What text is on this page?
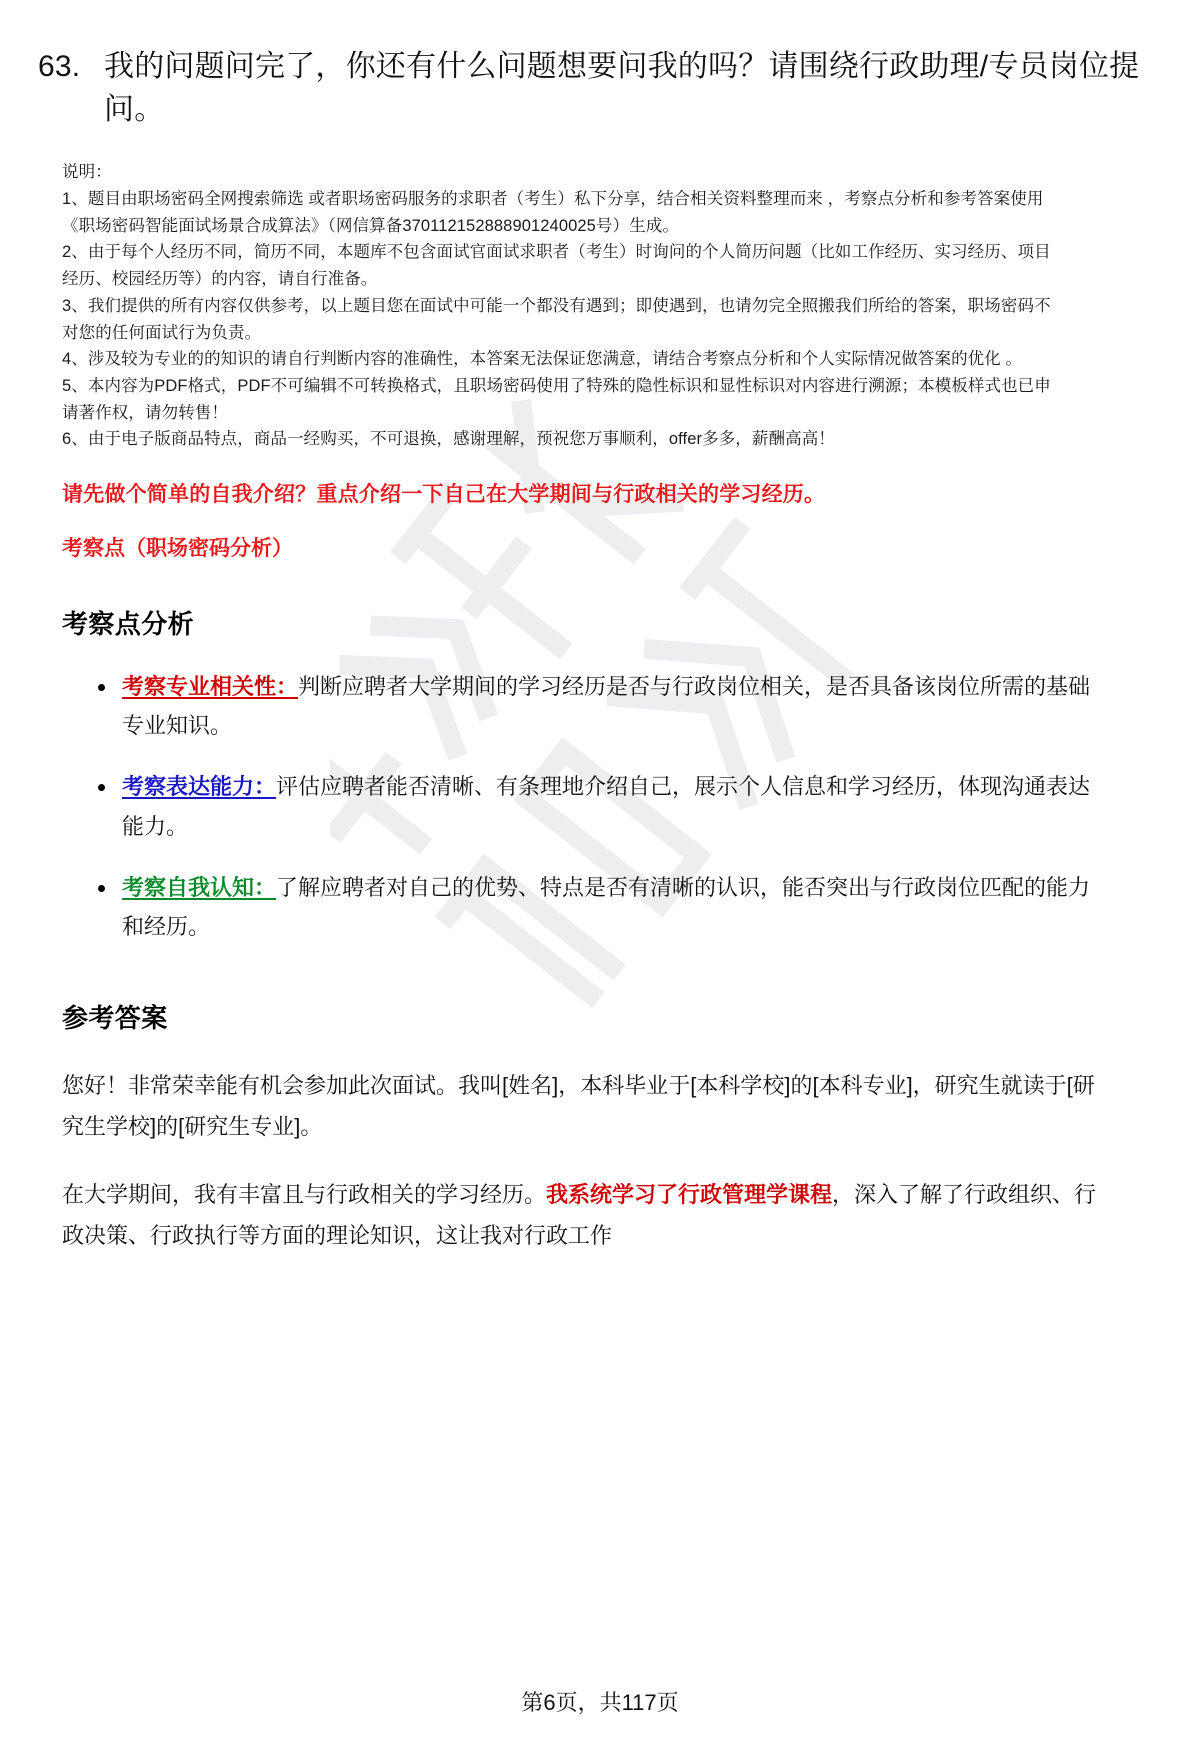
63. 我的问题问完了，你还有什么问题想要问我的吗？请围绕行政助理/专员岗位提问。

说明：

1、题目由职场密码全网搜索筛选 或者职场密码服务的求职者（考生）私下分享，结合相关资料整理而来 ，考察点分析和参考答案使用《职场密码智能面试场景合成算法》（网信算备370112152888901240025号）生成。

2、由于每个人经历不同，简历不同，本题库不包含面试官面试求职者（考生）时询问的个人简历问题（比如工作经历、实习经历、项目经历、校园经历等）的内容，请自行准备。

3、我们提供的所有内容仅供参考，以上题目您在面试中可能一个都没有遇到；即使遇到，也请勿完全照搬我们所给的答案，职场密码不对您的任何面试行为负责。

4、涉及较为专业的的知识的请自行判断内容的准确性，本答案无法保证您满意，请结合考察点分析和个人实际情况做答案的优化 。

5、本内容为PDF格式，PDF不可编辑不可转换格式，且职场密码使用了特殊的隐性标识和显性标识对内容进行溯源；本模板样式也已申请著作权，请勿转售！

6、由于电子版商品特点，商品一经购买，不可退换，感谢理解，预祝您万事顺利，offer多多，薪酬高高！

请先做个简单的自我介绍？重点介绍一下自己在大学期间与行政相关的学习经历。
考察点（职场密码分析）
考察点分析
考察专业相关性：判断应聘者大学期间的学习经历是否与行政岗位相关，是否具备该岗位所需的基础专业知识。
考察表达能力：评估应聘者能否清晰、有条理地介绍自己，展示个人信息和学习经历，体现沟通表达能力。
考察自我认知：了解应聘者对自己的优势、特点是否有清晰的认识，能否突出与行政岗位匹配的能力和经历。
参考答案

您好！非常荣幸能有机会参加此次面试。我叫[姓名]，本科毕业于[本科学校]的[本科专业]，研究生就读于[研究生学校]的[研究生专业]。

在大学期间，我有丰富且与行政相关的学习经历。我系统学习了行政管理学课程，深入了解了行政组织、行政决策、行政执行等方面的理论知识，这让我对行政工作

第6页，共117页
